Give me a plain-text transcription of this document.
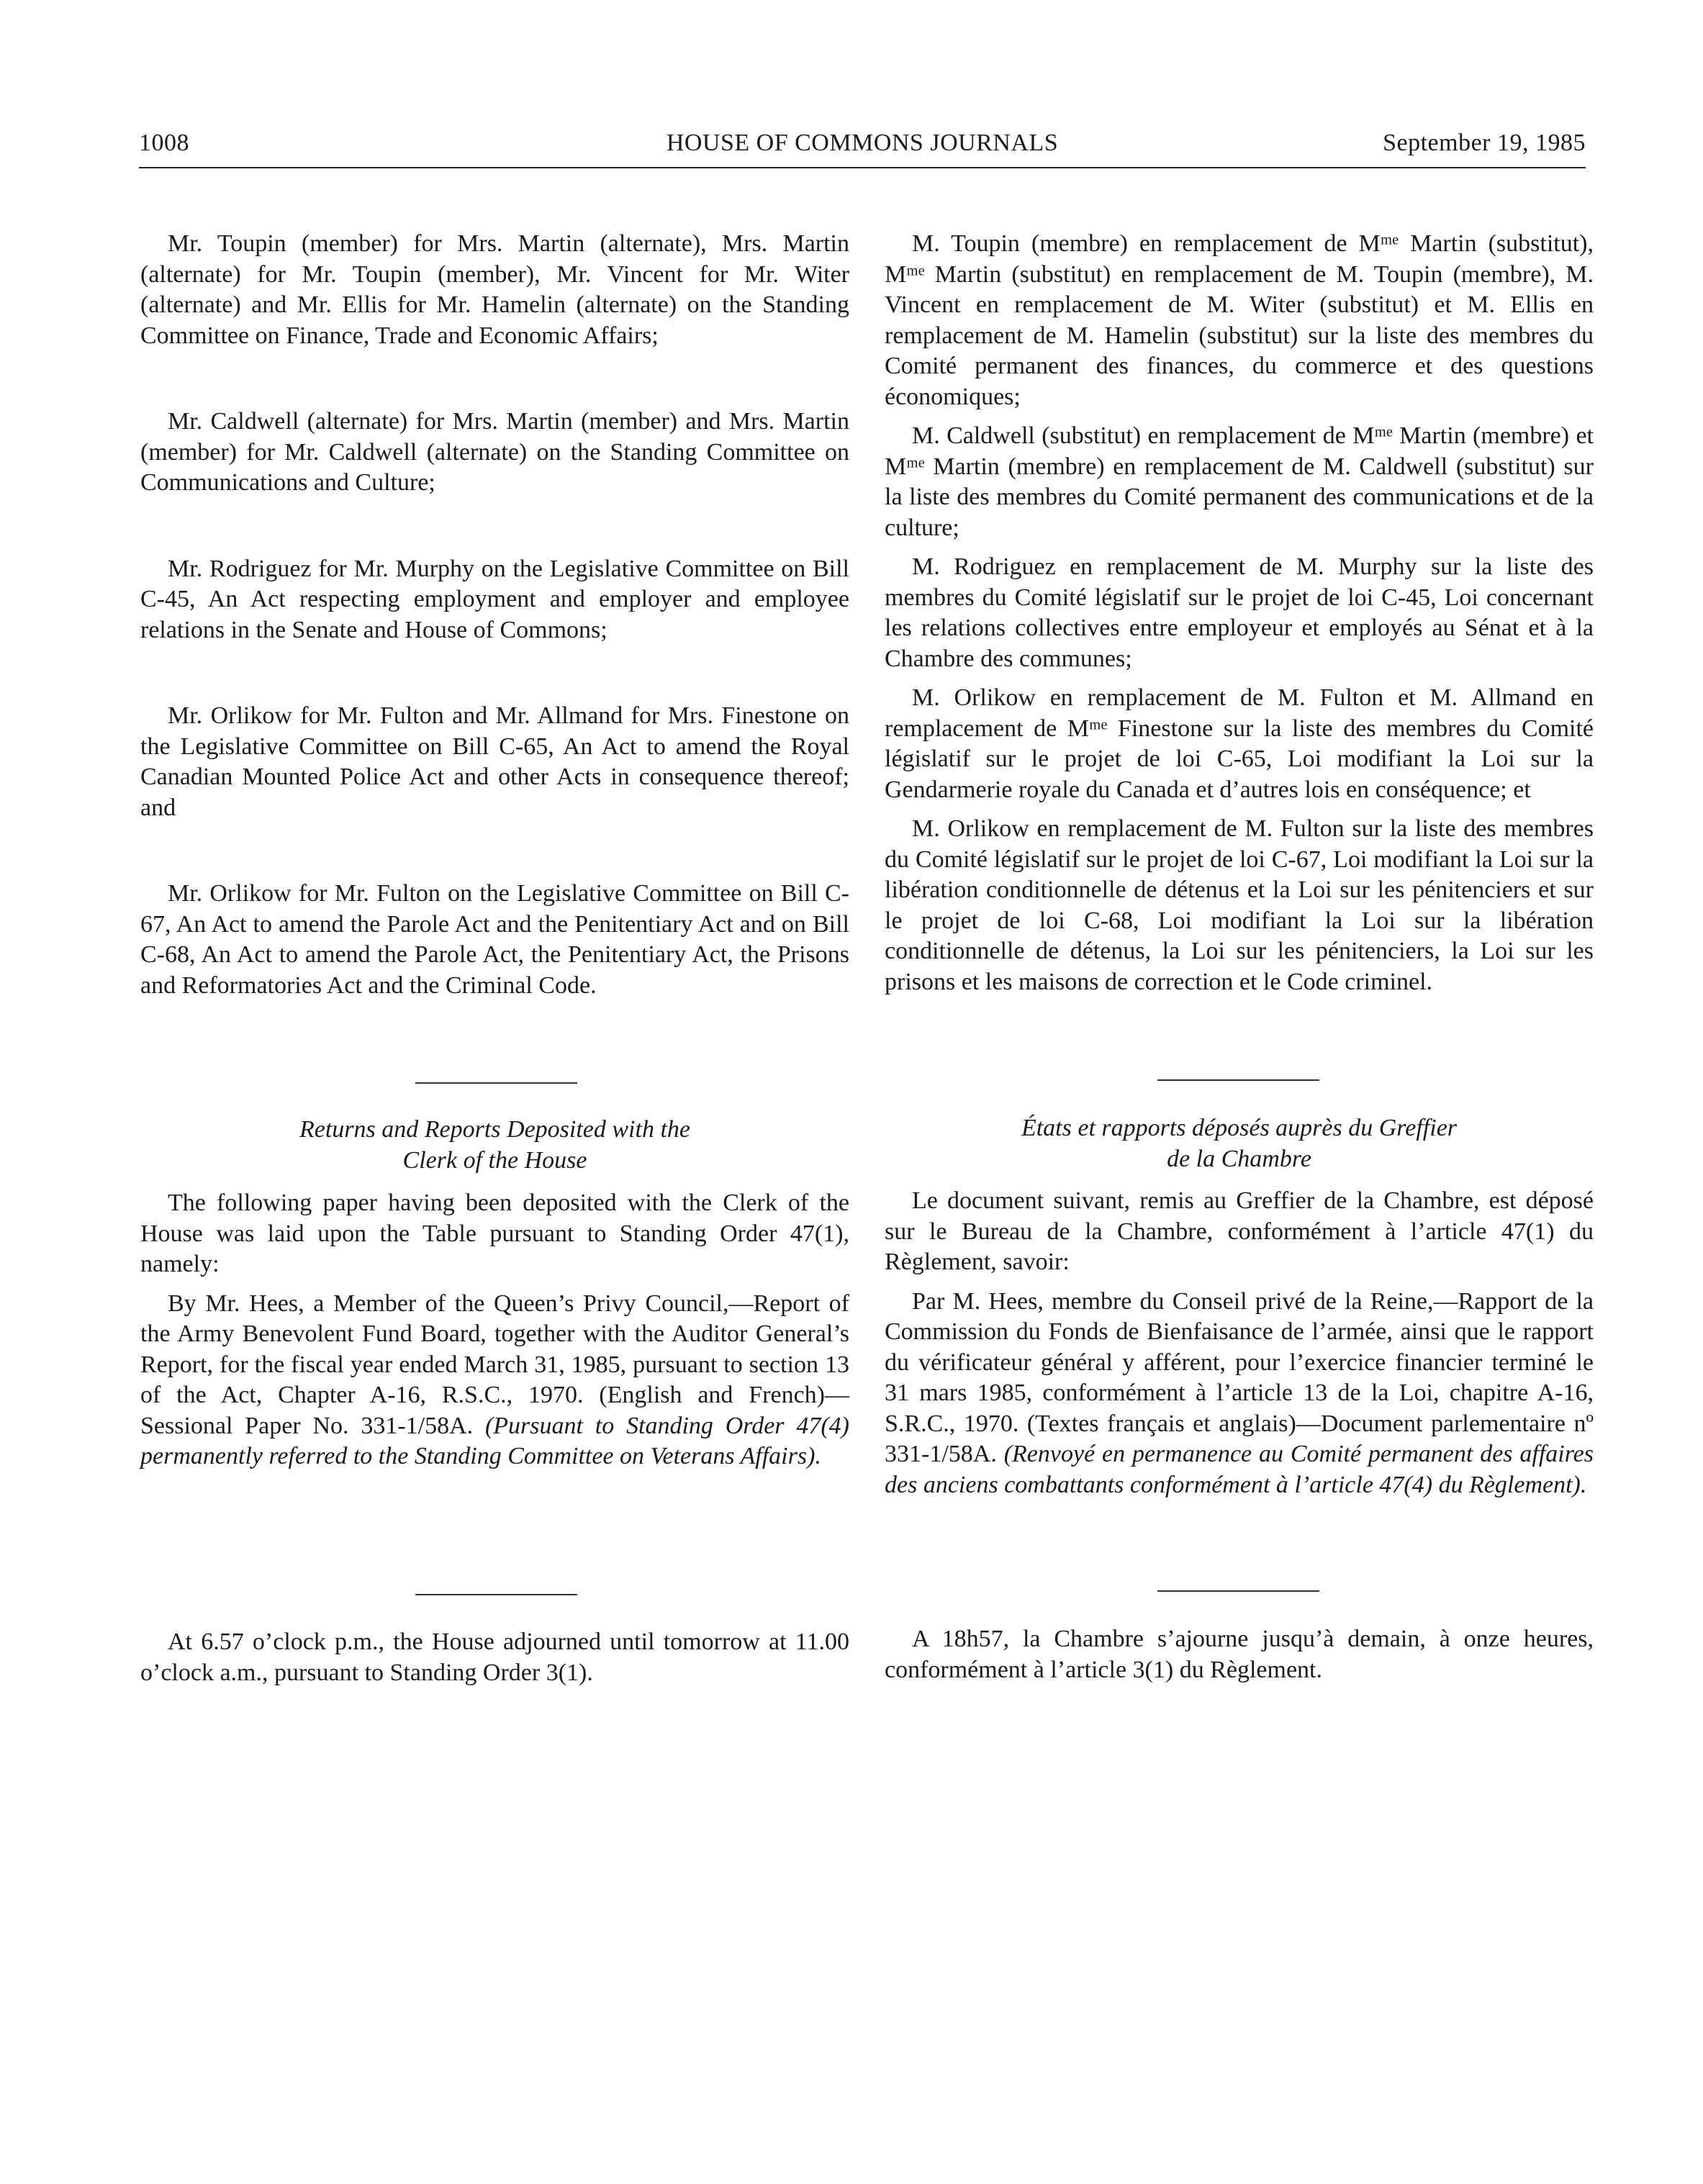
1008	HOUSE OF COMMONS JOURNALS	September 19, 1985

Mr. Toupin (member) for Mrs. Martin (alternate), Mrs. Martin (alternate) for Mr. Toupin (member), Mr. Vincent for Mr. Witer (alternate) and Mr. Ellis for Mr. Hamelin (alternate) on the Standing Committee on Finance, Trade and Economic Affairs;

Mr. Caldwell (alternate) for Mrs. Martin (member) and Mrs. Martin (member) for Mr. Caldwell (alternate) on the Standing Committee on Communications and Culture;

Mr. Rodriguez for Mr. Murphy on the Legislative Committee on Bill C-45, An Act respecting employment and employer and employee relations in the Senate and House of Commons;

Mr. Orlikow for Mr. Fulton and Mr. Allmand for Mrs. Finestone on the Legislative Committee on Bill C-65, An Act to amend the Royal Canadian Mounted Police Act and other Acts in consequence thereof; and

Mr. Orlikow for Mr. Fulton on the Legislative Committee on Bill C-67, An Act to amend the Parole Act and the Penitentiary Act and on Bill C-68, An Act to amend the Parole Act, the Penitentiary Act, the Prisons and Reformatories Act and the Criminal Code.

M. Toupin (membre) en remplacement de Mᵐᵉ Martin (substitut), Mᵐᵉ Martin (substitut) en remplacement de M. Toupin (membre), M. Vincent en remplacement de M. Witer (substitut) et M. Ellis en remplacement de M. Hamelin (substitut) sur la liste des membres du Comité permanent des finances, du commerce et des questions économiques;

M. Caldwell (substitut) en remplacement de Mᵐᵉ Martin (membre) et Mᵐᵉ Martin (membre) en remplacement de M. Caldwell (substitut) sur la liste des membres du Comité permanent des communications et de la culture;

M. Rodriguez en remplacement de M. Murphy sur la liste des membres du Comité législatif sur le projet de loi C-45, Loi concernant les relations collectives entre employeur et employés au Sénat et à la Chambre des communes;

M. Orlikow en remplacement de M. Fulton et M. Allmand en remplacement de Mᵐᵉ Finestone sur la liste des membres du Comité législatif sur le projet de loi C-65, Loi modifiant la Loi sur la Gendarmerie royale du Canada et d’autres lois en conséquence; et

M. Orlikow en remplacement de M. Fulton sur la liste des membres du Comité législatif sur le projet de loi C-67, Loi modifiant la Loi sur la libération conditionnelle de détenus et la Loi sur les pénitenciers et sur le projet de loi C-68, Loi modifiant la Loi sur la libération conditionnelle de détenus, la Loi sur les pénitenciers, la Loi sur les prisons et les maisons de correction et le Code criminel.

Returns and Reports Deposited with the
Clerk of the House
États et rapports déposés auprès du Greffier
de la Chambre

The following paper having been deposited with the Clerk of the House was laid upon the Table pursuant to Standing Order 47(1), namely:

By Mr. Hees, a Member of the Queen’s Privy Council,—Report of the Army Benevolent Fund Board, together with the Auditor General’s Report, for the fiscal year ended March 31, 1985, pursuant to section 13 of the Act, Chapter A-16, R.S.C., 1970. (English and French)—Sessional Paper No. 331-1/58A. (Pursuant to Standing Order 47(4) permanently referred to the Standing Committee on Veterans Affairs).

Le document suivant, remis au Greffier de la Chambre, est déposé sur le Bureau de la Chambre, conformément à l’article 47(1) du Règlement, savoir:

Par M. Hees, membre du Conseil privé de la Reine,—Rapport de la Commission du Fonds de Bienfaisance de l’armée, ainsi que le rapport du vérificateur général y afférent, pour l’exercice financier terminé le 31 mars 1985, conformément à l’article 13 de la Loi, chapitre A-16, S.R.C., 1970. (Textes français et anglais)—Document parlementaire nº 331-1/58A. (Renvoyé en permanence au Comité permanent des affaires des anciens combattants conformément à l’article 47(4) du Règlement).

At 6.57 o’clock p.m., the House adjourned until tomorrow at 11.00 o’clock a.m., pursuant to Standing Order 3(1).

A 18h57, la Chambre s’ajourne jusqu’à demain, à onze heures, conformément à l’article 3(1) du Règlement.
